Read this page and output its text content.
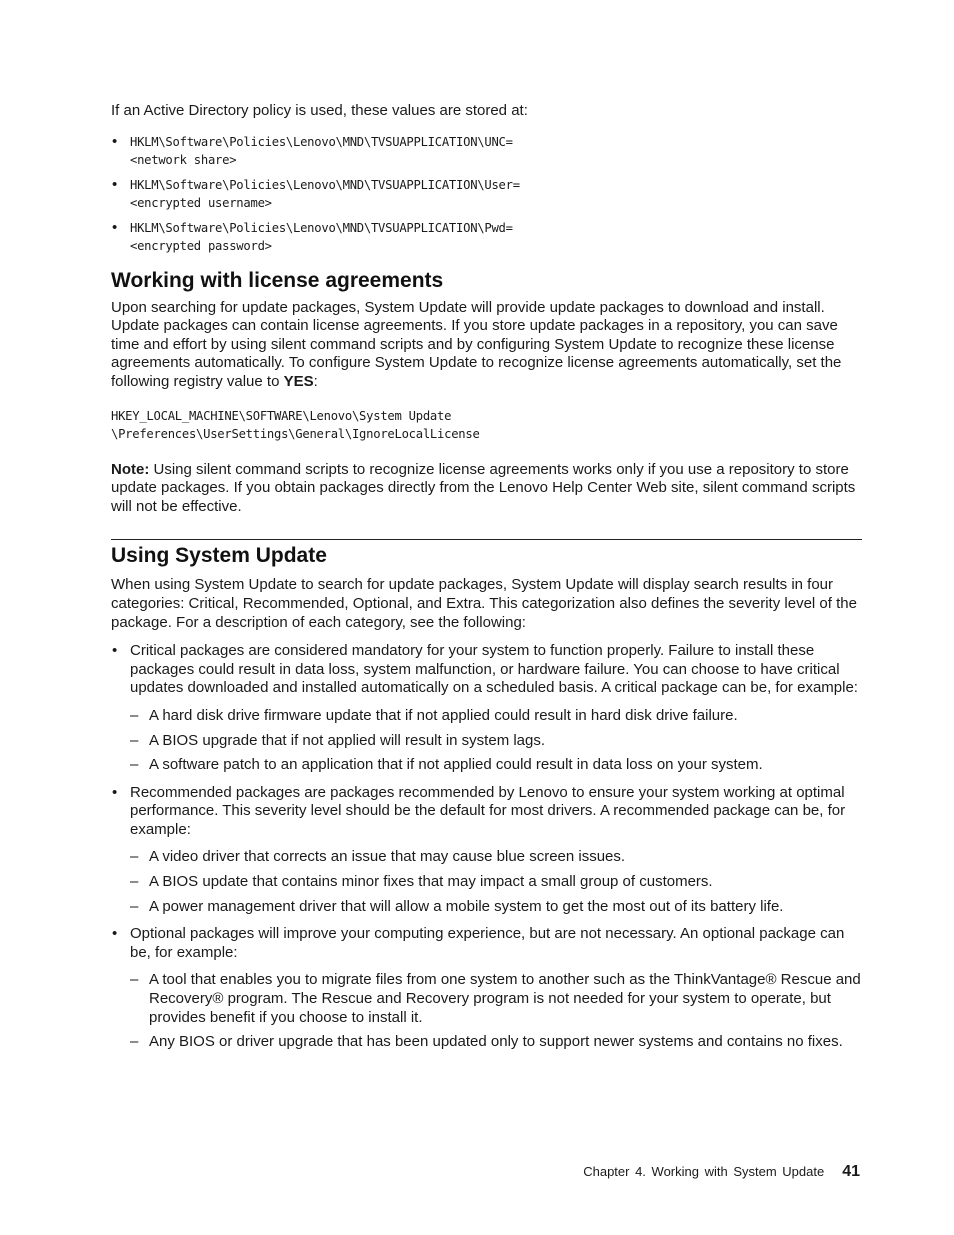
If an Active Directory policy is used, these values are stored at:

• HKLM\Software\Policies\Lenovo\MND\TVSUAPPLICATION\UNC=
<network share>
• HKLM\Software\Policies\Lenovo\MND\TVSUAPPLICATION\User=
<encrypted username>
• HKLM\Software\Policies\Lenovo\MND\TVSUAPPLICATION\Pwd=
<encrypted password>
Working with license agreements

Upon searching for update packages, System Update will provide update packages to download and install. Update packages can contain license agreements. If you store update packages in a repository, you can save time and effort by using silent command scripts and by configuring System Update to recognize these license agreements automatically. To configure System Update to recognize license agreements automatically, set the following registry value to YES:

HKEY_LOCAL_MACHINE\SOFTWARE\Lenovo\System Update
\Preferences\UserSettings\General\IgnoreLocalLicense

Note: Using silent command scripts to recognize license agreements works only if you use a repository to store update packages. If you obtain packages directly from the Lenovo Help Center Web site, silent command scripts will not be effective.

Using System Update

When using System Update to search for update packages, System Update will display search results in four categories: Critical, Recommended, Optional, and Extra. This categorization also defines the severity level of the package. For a description of each category, see the following:

• Critical packages are considered mandatory for your system to function properly. Failure to install these packages could result in data loss, system malfunction, or hardware failure. You can choose to have critical updates downloaded and installed automatically on a scheduled basis. A critical package can be, for example:

– A hard disk drive firmware update that if not applied could result in hard disk drive failure.

– A BIOS upgrade that if not applied will result in system lags.

– A software patch to an application that if not applied could result in data loss on your system.

• Recommended packages are packages recommended by Lenovo to ensure your system working at optimal performance. This severity level should be the default for most drivers. A recommended package can be, for example:

– A video driver that corrects an issue that may cause blue screen issues.

– A BIOS update that contains minor fixes that may impact a small group of customers.

– A power management driver that will allow a mobile system to get the most out of its battery life.

• Optional packages will improve your computing experience, but are not necessary. An optional package can be, for example:

– A tool that enables you to migrate files from one system to another such as the ThinkVantage® Rescue and Recovery® program. The Rescue and Recovery program is not needed for your system to operate, but provides benefit if you choose to install it.

– Any BIOS or driver upgrade that has been updated only to support newer systems and contains no fixes.

Chapter 4. Working with System Update 41
